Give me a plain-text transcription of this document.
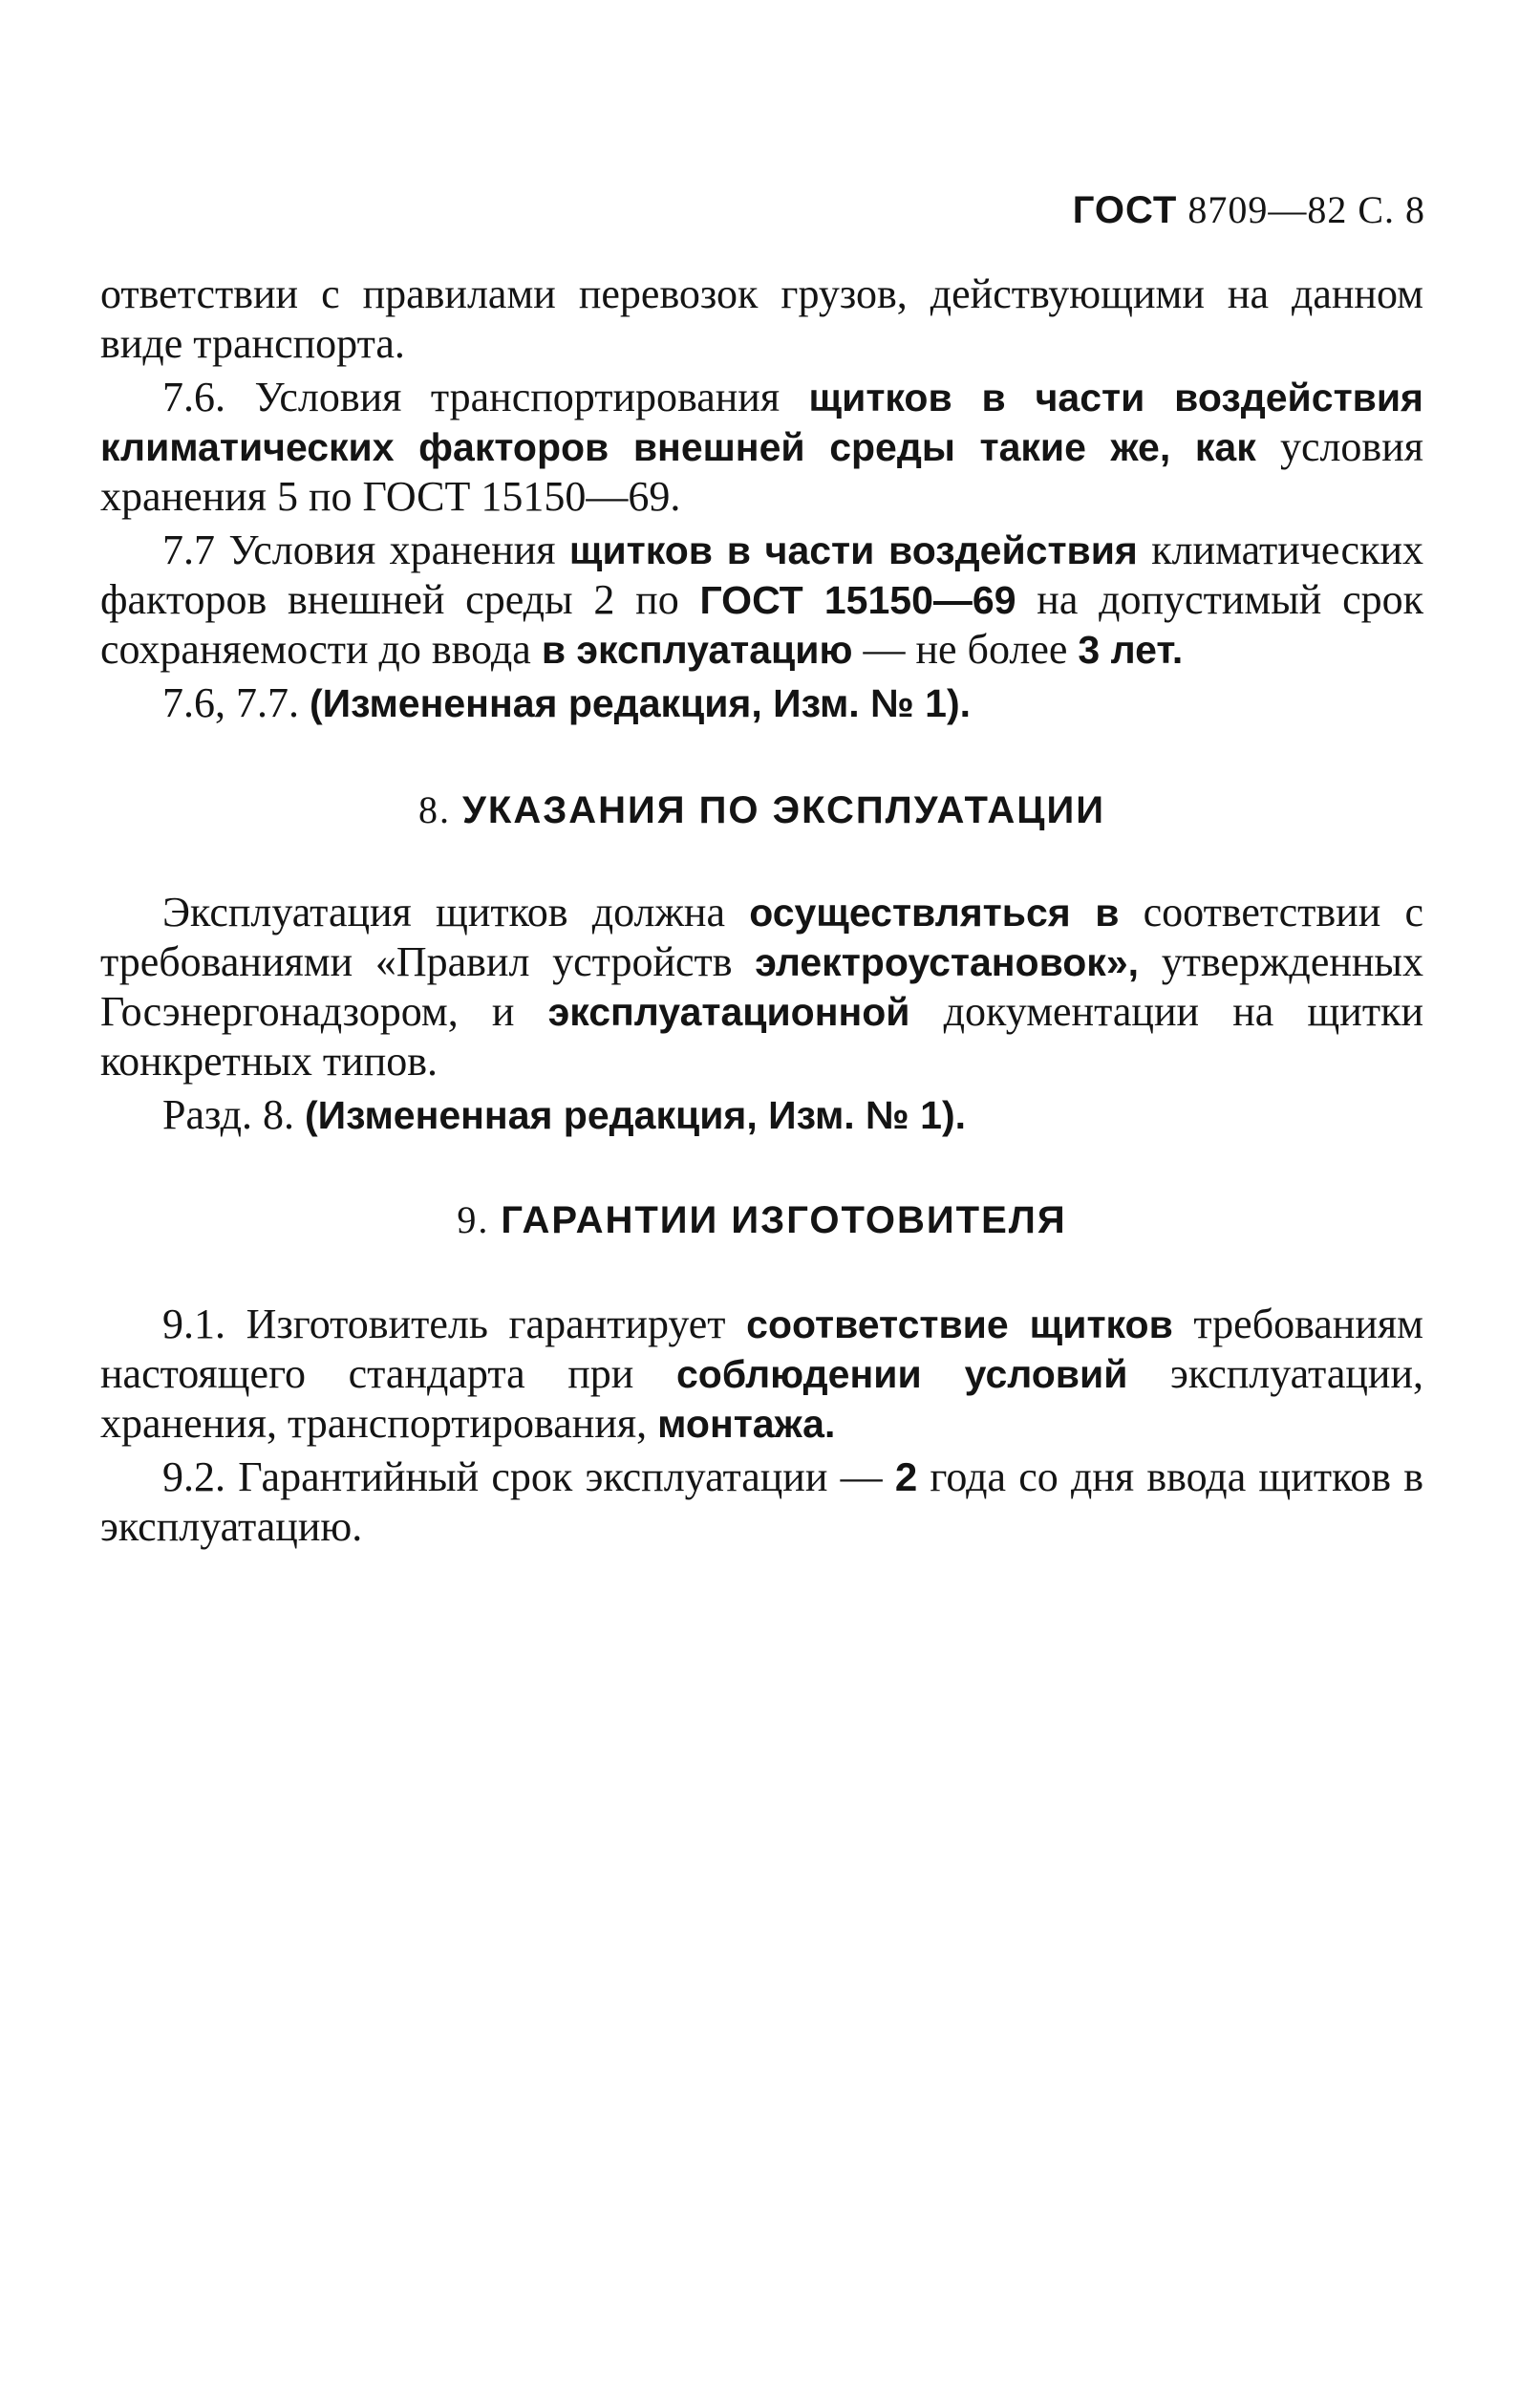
ГОСТ 8709—82 С. 8

ответствии с правилами перевозок грузов, действующими на данном виде транспорта.

7.6. Условия транспортирования щитков в части воздействия климатических факторов внешней среды такие же, как условия хранения 5 по ГОСТ 15150—69.

7.7 Условия хранения щитков в части воздействия климатических факторов внешней среды 2 по ГОСТ 15150—69 на допустимый срок сохраняемости до ввода в эксплуатацию — не более 3 лет.

7.6, 7.7. (Измененная редакция, Изм. № 1).

8. УКАЗАНИЯ ПО ЭКСПЛУАТАЦИИ

Эксплуатация щитков должна осуществляться в соответствии с требованиями «Правил устройств электроустановок», утвержденных Госэнергонадзором, и эксплуатационной документации на щитки конкретных типов.

Разд. 8. (Измененная редакция, Изм. № 1).

9. ГАРАНТИИ ИЗГОТОВИТЕЛЯ

9.1. Изготовитель гарантирует соответствие щитков требованиям настоящего стандарта при соблюдении условий эксплуатации, хранения, транспортирования, монтажа.

9.2. Гарантийный срок эксплуатации — 2 года со дня ввода щитков в эксплуатацию.
